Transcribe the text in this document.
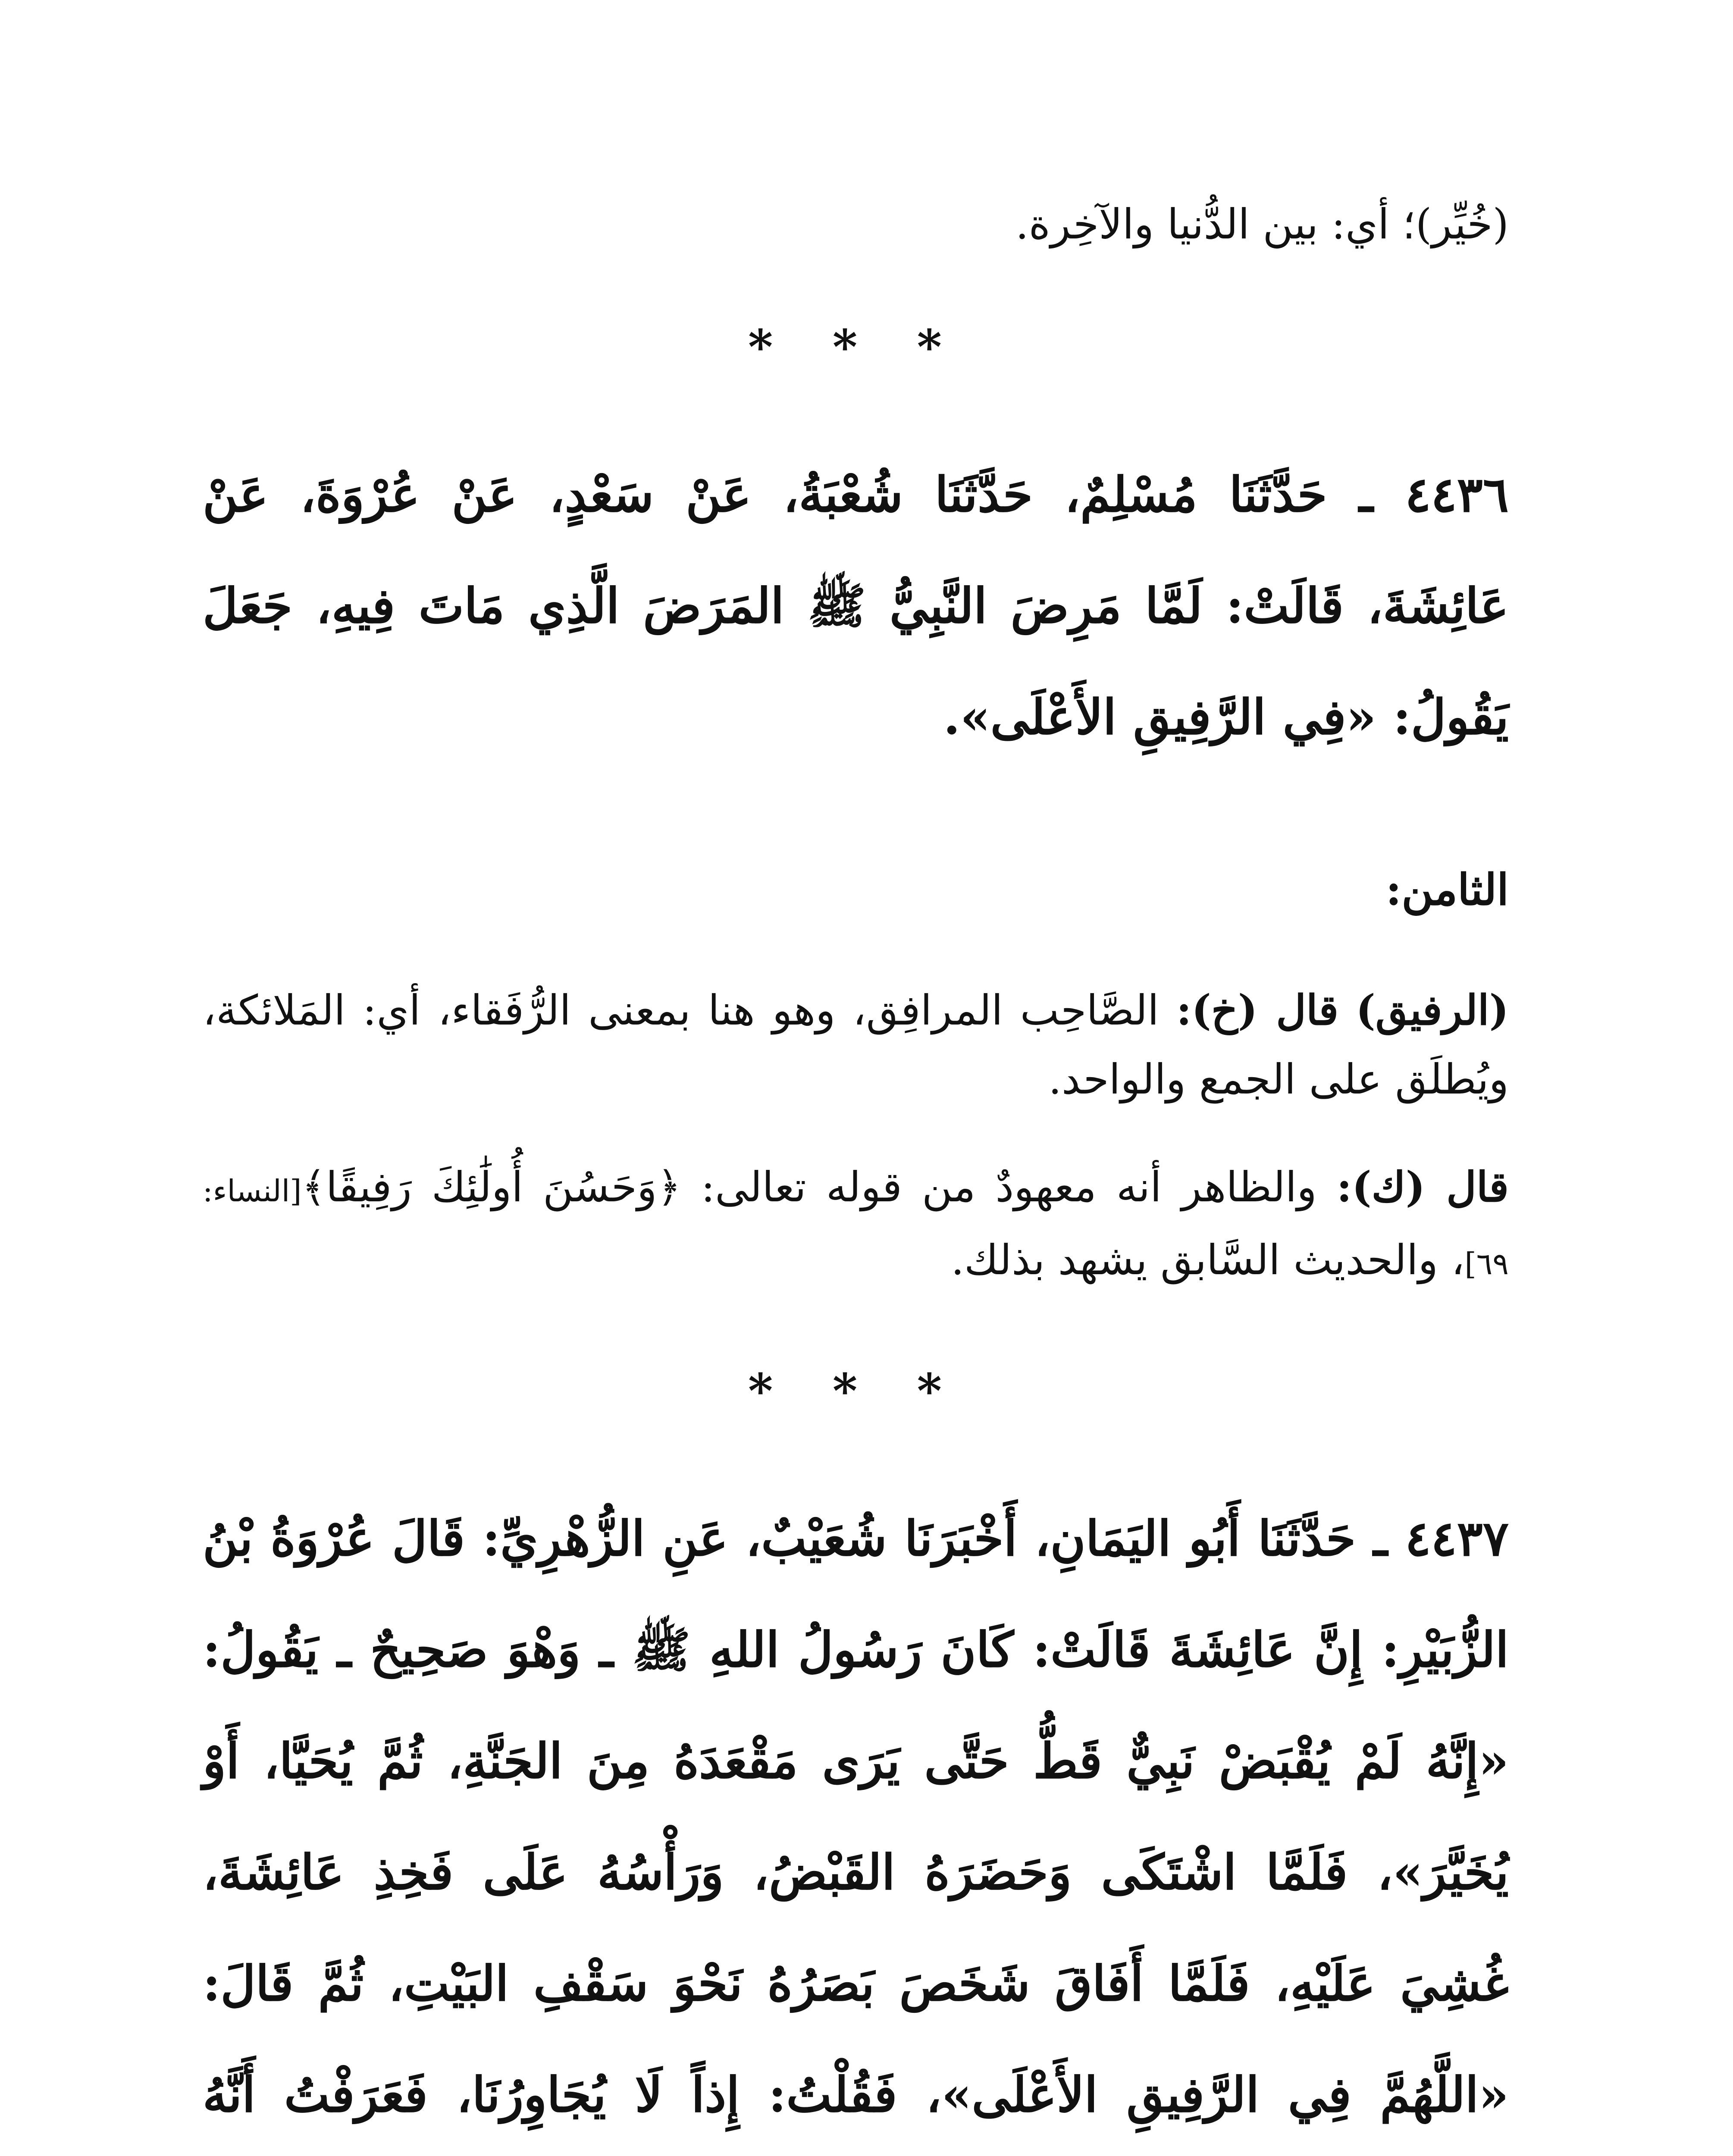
(خُيِّر)؛ أي: بين الدُّنيا والآخِرة.

* * *

٤٤٣٦ ـ حَدَّثَنَا مُسْلِمٌ، حَدَّثَنَا شُعْبَةُ، عَنْ سَعْدٍ، عَنْ عُرْوَةَ، عَنْ عَائِشَةَ، قَالَتْ: لَمَّا مَرِضَ النَّبِيُّ ﷺ المَرَضَ الَّذِي مَاتَ فِيهِ، جَعَلَ يَقُولُ: «فِي الرَّفِيقِ الأَعْلَى».

الثامن:

(الرفيق) قال (خ): الصَّاحِب المرافِق، وهو هنا بمعنى الرُّفَقاء، أي: المَلائكة، ويُطلَق على الجمع والواحد.

قال (ك): والظاهر أنه معهودٌ من قوله تعالى: ﴿وَحَسُنَ أُولَٰئِكَ رَفِيقًا﴾[النساء: ٦٩]، والحديث السَّابق يشهد بذلك.

* * *

٤٤٣٧ ـ حَدَّثَنَا أَبُو اليَمَانِ، أَخْبَرَنَا شُعَيْبٌ، عَنِ الزُّهْرِيِّ: قَالَ عُرْوَةُ بْنُ الزُّبَيْرِ: إِنَّ عَائِشَةَ قَالَتْ: كَانَ رَسُولُ اللهِ ﷺ ـ وَهْوَ صَحِيحٌ ـ يَقُولُ: «إِنَّهُ لَمْ يُقْبَضْ نَبِيٌّ قَطُّ حَتَّى يَرَى مَقْعَدَهُ مِنَ الجَنَّةِ، ثُمَّ يُحَيَّا، أَوْ يُخَيَّرَ»، فَلَمَّا اشْتَكَى وَحَضَرَهُ القَبْضُ، وَرَأْسُهُ عَلَى فَخِذِ عَائِشَةَ، غُشِيَ عَلَيْهِ، فَلَمَّا أَفَاقَ شَخَصَ بَصَرُهُ نَحْوَ سَقْفِ البَيْتِ، ثُمَّ قَالَ: «اللَّهُمَّ فِي الرَّفِيقِ الأَعْلَى»، فَقُلْتُ: إِذاً لَا يُجَاوِرُنَا، فَعَرَفْتُ أَنَّهُ
